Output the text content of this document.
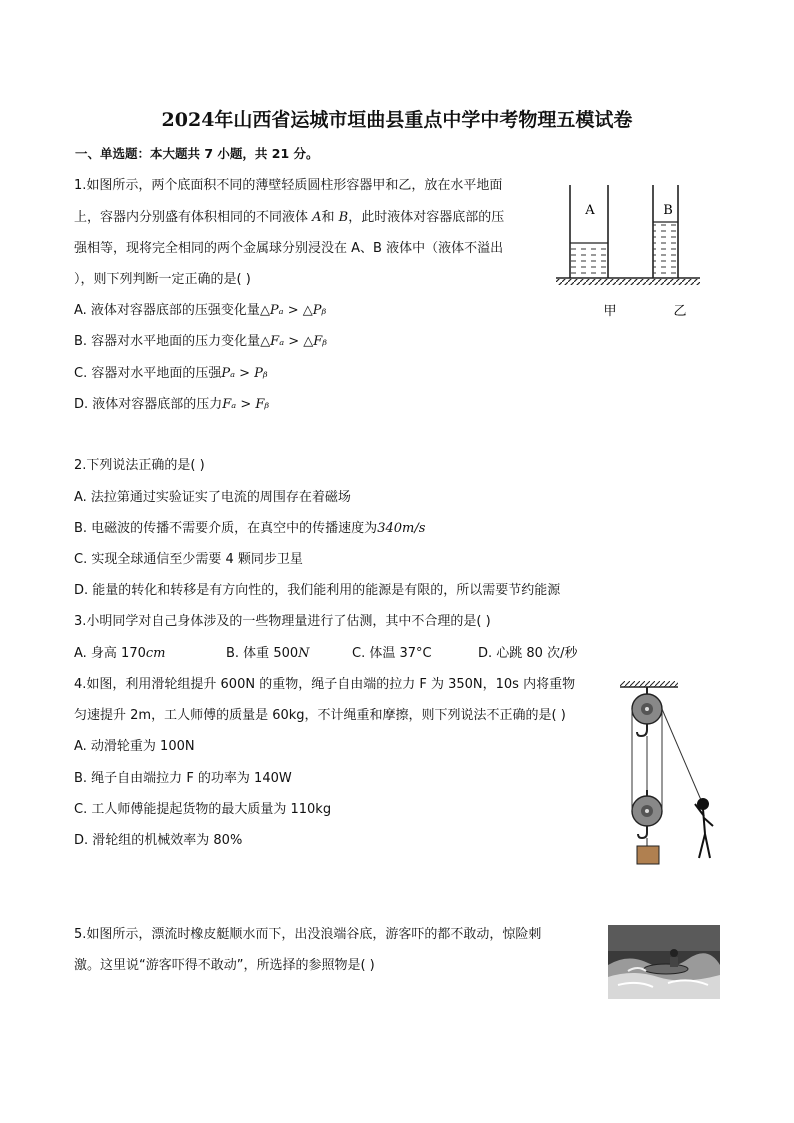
2024年山西省运城市垣曲县重点中学中考物理五模试卷
一、单选题：本大题共 7 小题，共 21 分。
1.如图所示，两个底面积不同的薄壁轻质圆柱形容器甲和乙，放在水平地面
上，容器内分别盛有体积相同的不同液体 A和 B，此时液体对容器底部的压
强相等，现将完全相同的两个金属球分别浸没在 A、B 液体中（液体不溢出
），则下列判断一定正确的是( )
A. 液体对容器底部的压强变化量△Pₐ > △Pᵦ
B. 容器对水平地面的压力变化量△Fₐ > △Fᵦ
C. 容器对水平地面的压强Pₐ > Pᵦ
D. 液体对容器底部的压力Fₐ > Fᵦ
A	B
甲	乙
2.下列说法正确的是( )
A. 法拉第通过实验证实了电流的周围存在着磁场
B. 电磁波的传播不需要介质，在真空中的传播速度为340m/s
C. 实现全球通信至少需要 4 颗同步卫星
D. 能量的转化和转移是有方向性的，我们能利用的能源是有限的，所以需要节约能源
3.小明同学对自己身体涉及的一些物理量进行了估测，其中不合理的是( )
A. 身高 170cm	B. 体重 500N	C. 体温 37°C	D. 心跳 80 次/秒
4.如图，利用滑轮组提升 600N 的重物，绳子自由端的拉力 F 为 350N，10s 内将重物
匀速提升 2m，工人师傅的质量是 60kg，不计绳重和摩擦，则下列说法不正确的是( )
A. 动滑轮重为 100N
B. 绳子自由端拉力 F 的功率为 140W
C. 工人师傅能提起货物的最大质量为 110kg
D. 滑轮组的机械效率为 80%
5.如图所示，漂流时橡皮艇顺水而下，出没浪端谷底，游客吓的都不敢动，惊险刺
激。这里说“游客吓得不敢动”，所选择的参照物是( )
